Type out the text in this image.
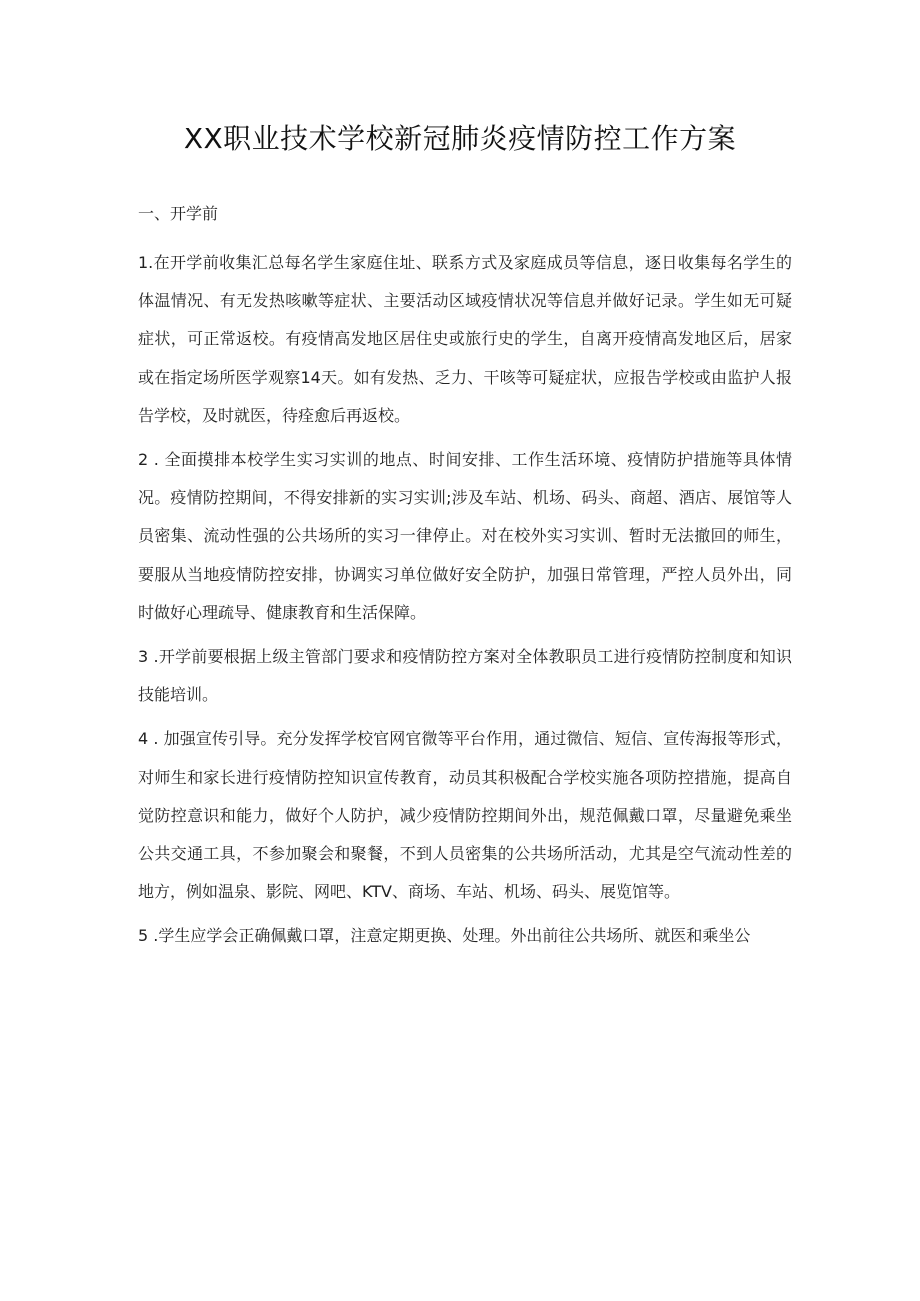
XX职业技术学校新冠肺炎疫情防控工作方案
一、开学前

1.在开学前收集汇总每名学生家庭住址、联系方式及家庭成员等信息，逐日收集每名学生的体温情况、有无发热咳嗽等症状、主要活动区域疫情状况等信息并做好记录。学生如无可疑症状，可正常返校。有疫情高发地区居住史或旅行史的学生，自离开疫情高发地区后，居家或在指定场所医学观察14天。如有发热、乏力、干咳等可疑症状，应报告学校或由监护人报告学校，及时就医，待痊愈后再返校。

2 . 全面摸排本校学生实习实训的地点、时间安排、工作生活环境、疫情防护措施等具体情况。疫情防控期间，不得安排新的实习实训;涉及车站、机场、码头、商超、酒店、展馆等人员密集、流动性强的公共场所的实习一律停止。对在校外实习实训、暂时无法撤回的师生，要服从当地疫情防控安排，协调实习单位做好安全防护，加强日常管理，严控人员外出，同时做好心理疏导、健康教育和生活保障。

3 .开学前要根据上级主管部门要求和疫情防控方案对全体教职员工进行疫情防控制度和知识技能培训。

4 . 加强宣传引导。充分发挥学校官网官微等平台作用，通过微信、短信、宣传海报等形式，对师生和家长进行疫情防控知识宣传教育，动员其积极配合学校实施各项防控措施，提高自觉防控意识和能力，做好个人防护，减少疫情防控期间外出，规范佩戴口罩，尽量避免乘坐公共交通工具，不参加聚会和聚餐，不到人员密集的公共场所活动，尤其是空气流动性差的地方，例如温泉、影院、网吧、KTV、商场、车站、机场、码头、展览馆等。

5 .学生应学会正确佩戴口罩，注意定期更换、处理。外出前往公共场所、就医和乘坐公
